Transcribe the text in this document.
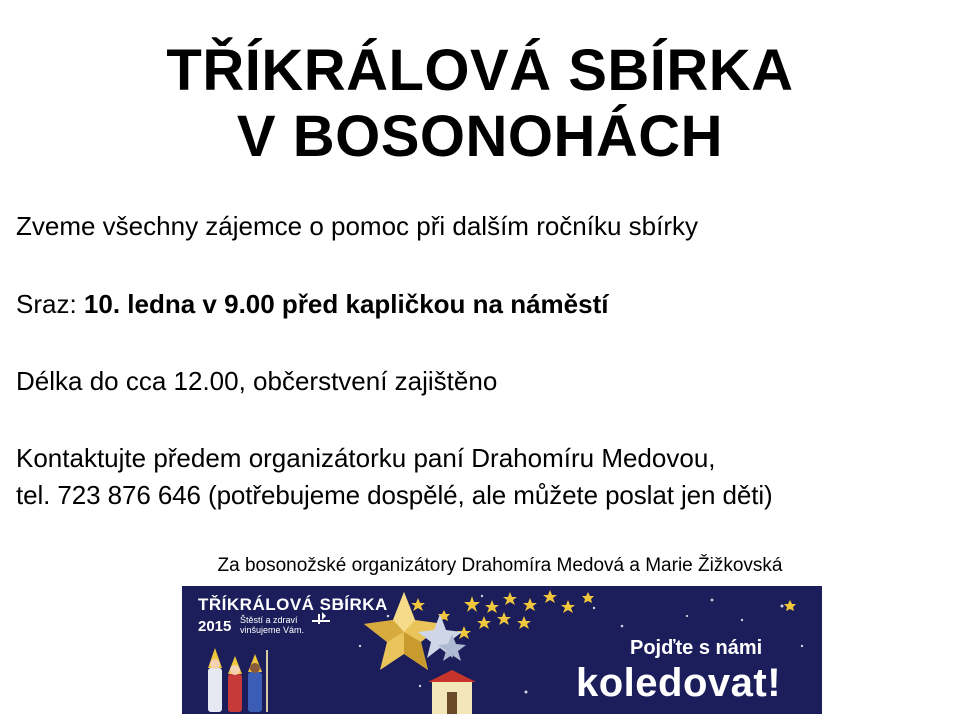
TŘÍKRÁLOVÁ SBÍRKA
V BOSONOHÁCH
Zveme všechny zájemce o pomoc při dalším ročníku sbírky
Sraz: 10. ledna v 9.00 před kapličkou na náměstí
Délka do cca 12.00, občerstvení zajištěno
Kontaktujte předem organizátorku paní Drahomíru Medovou,
tel. 723 876 646 (potřebujeme dospělé, ale můžete poslat jen děti)
Za bosonožské organizátory Drahomíra Medová a Marie Žižkovská
TŘÍKRÁLOVÁ SBÍRKA
2015 Štěstí a zdraví vinšujeme Vám.
Pojďte s námi
koledovat!
